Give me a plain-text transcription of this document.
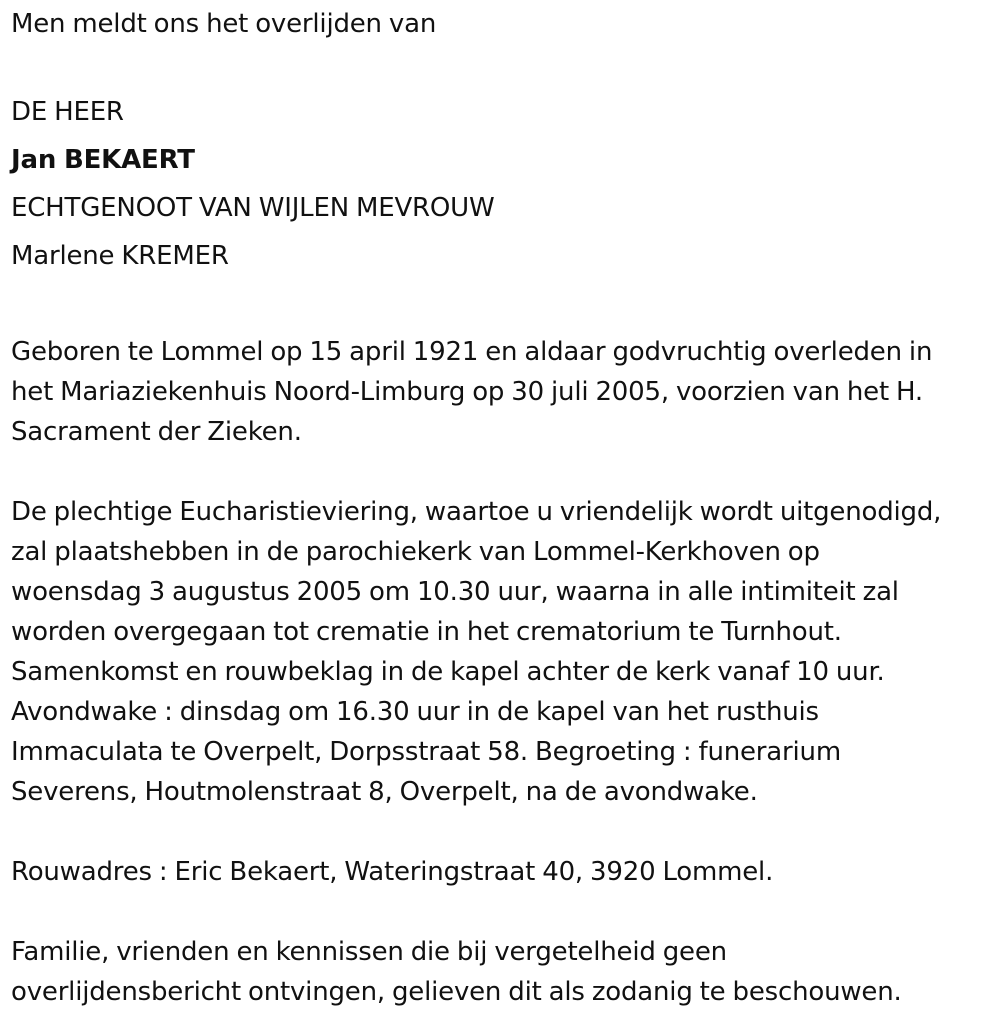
Men meldt ons het overlijden van
DE HEER
Jan BEKAERT
ECHTGENOOT VAN WIJLEN MEVROUW
Marlene KREMER
Geboren te Lommel op 15 april 1921 en aldaar godvruchtig overleden in
het Mariaziekenhuis Noord-Limburg op 30 juli 2005, voorzien van het H.
Sacrament der Zieken.
De plechtige Eucharistieviering, waartoe u vriendelijk wordt uitgenodigd,
zal plaatshebben in de parochiekerk van Lommel-Kerkhoven op
woensdag 3 augustus 2005 om 10.30 uur, waarna in alle intimiteit zal
worden overgegaan tot crematie in het crematorium te Turnhout.
Samenkomst en rouwbeklag in de kapel achter de kerk vanaf 10 uur.
Avondwake : dinsdag om 16.30 uur in de kapel van het rusthuis
Immaculata te Overpelt, Dorpsstraat 58. Begroeting : funerarium
Severens, Houtmolenstraat 8, Overpelt, na de avondwake.
Rouwadres : Eric Bekaert, Wateringstraat 40, 3920 Lommel.
Familie, vrienden en kennissen die bij vergetelheid geen
overlijdensbericht ontvingen, gelieven dit als zodanig te beschouwen.
